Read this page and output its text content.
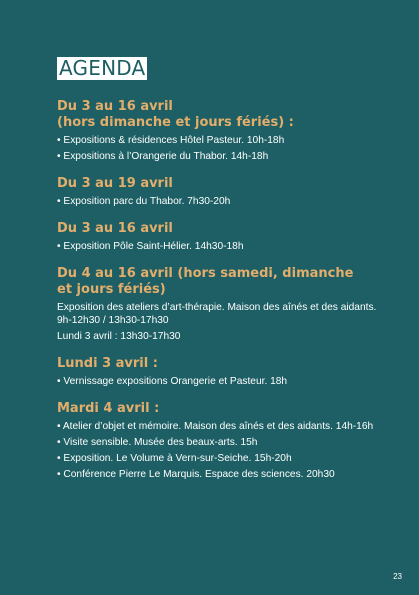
AGENDA

Du 3 au 16 avril
(hors dimanche et jours fériés) :

• Expositions & résidences Hôtel Pasteur. 10h-18h
• Expositions à l’Orangerie du Thabor. 14h-18h

Du 3 au 19 avril

• Exposition parc du Thabor. 7h30-20h

Du 3 au 16 avril

• Exposition Pôle Saint-Hélier. 14h30-18h

Du 4 au 16 avril (hors samedi, dimanche
et jours fériés)

Exposition des ateliers d’art-thérapie. Maison des aînés et des aidants. 9h-12h30 / 13h30-17h30
Lundi 3 avril : 13h30-17h30

Lundi 3 avril :

• Vernissage expositions Orangerie et Pasteur. 18h

Mardi 4 avril :

• Atelier d’objet et mémoire. Maison des aînés et des aidants. 14h-16h
• Visite sensible. Musée des beaux-arts. 15h
• Exposition. Le Volume à Vern-sur-Seiche. 15h-20h
• Conférence Pierre Le Marquis. Espace des sciences. 20h30
23
